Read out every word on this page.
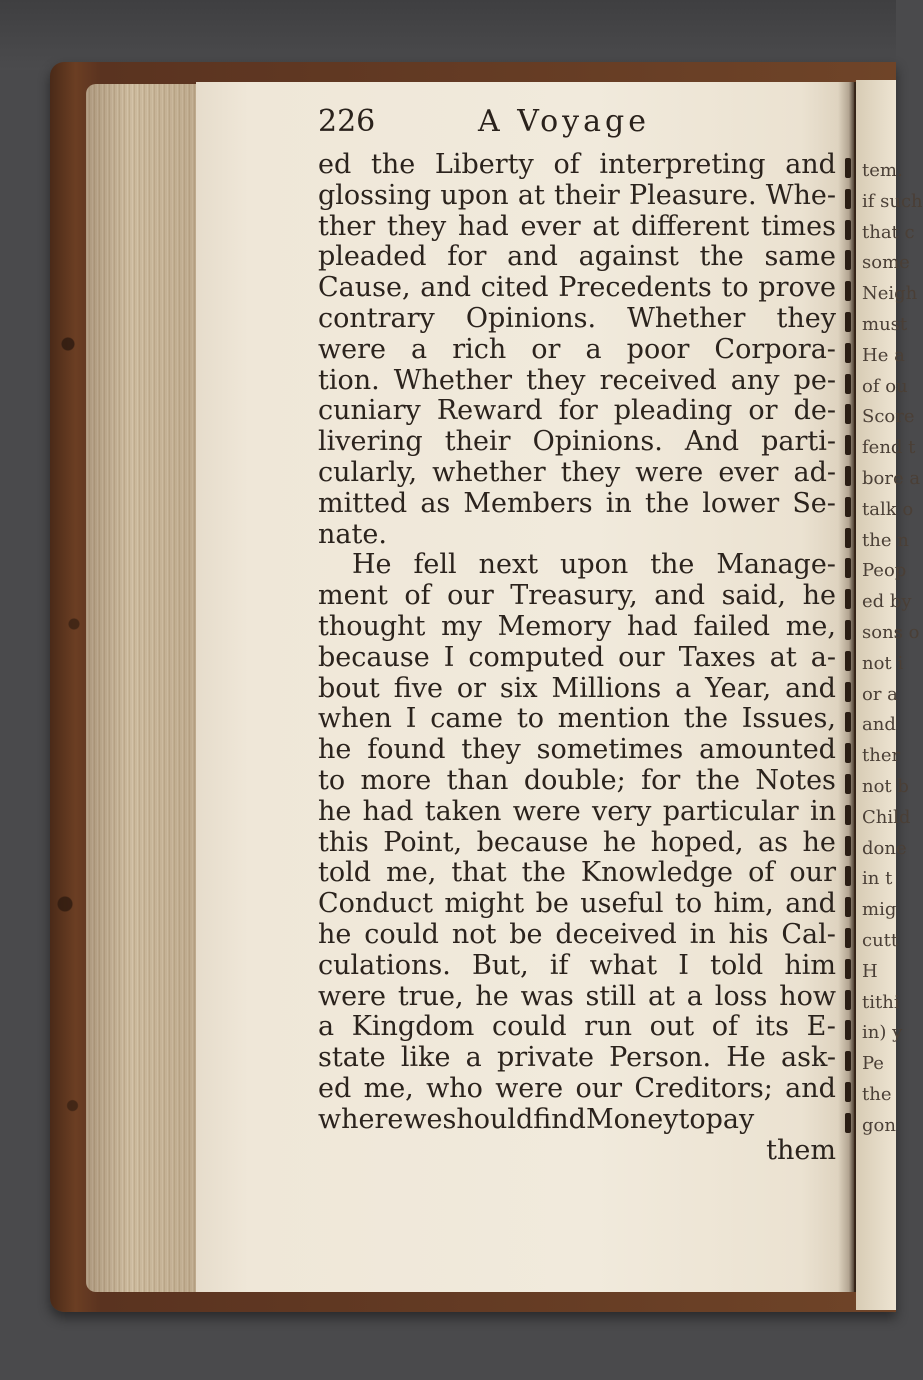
226	A Voyage
ed the Liberty of interpreting and
glossing upon at their Pleasure. Whe-
ther they had ever at different times
pleaded for and against the same
Cause, and cited Precedents to prove
contrary Opinions. Whether they
were a rich or a poor Corpora-
tion. Whether they received any pe-
cuniary Reward for pleading or de-
livering their Opinions. And parti-
cularly, whether they were ever ad-
mitted as Members in the lower Se-
nate.
He fell next upon the Manage-
ment of our Treasury, and said, he
thought my Memory had failed me,
because I computed our Taxes at a-
bout five or six Millions a Year, and
when I came to mention the Issues,
he found they sometimes amounted
to more than double; for the Notes
he had taken were very particular in
this Point, because he hoped, as he
told me, that the Knowledge of our
Conduct might be useful to him, and
he could not be deceived in his Cal-
culations. But, if what I told him
were true, he was still at a loss how
a Kingdom could run out of its E-
state like a private Person. He ask-
ed me, who were our Creditors; and
where we should find Money to pay
them
tem.
if such
that c
some
Neigh
must
He a
of ou
Score
fend t
bore a
talk o
the n
Peop
ed by
sons o
not i
or a
and
ther
not b
Child
done
in t
mig
cutt
H
tithi
in) y
Pe
the
gon
